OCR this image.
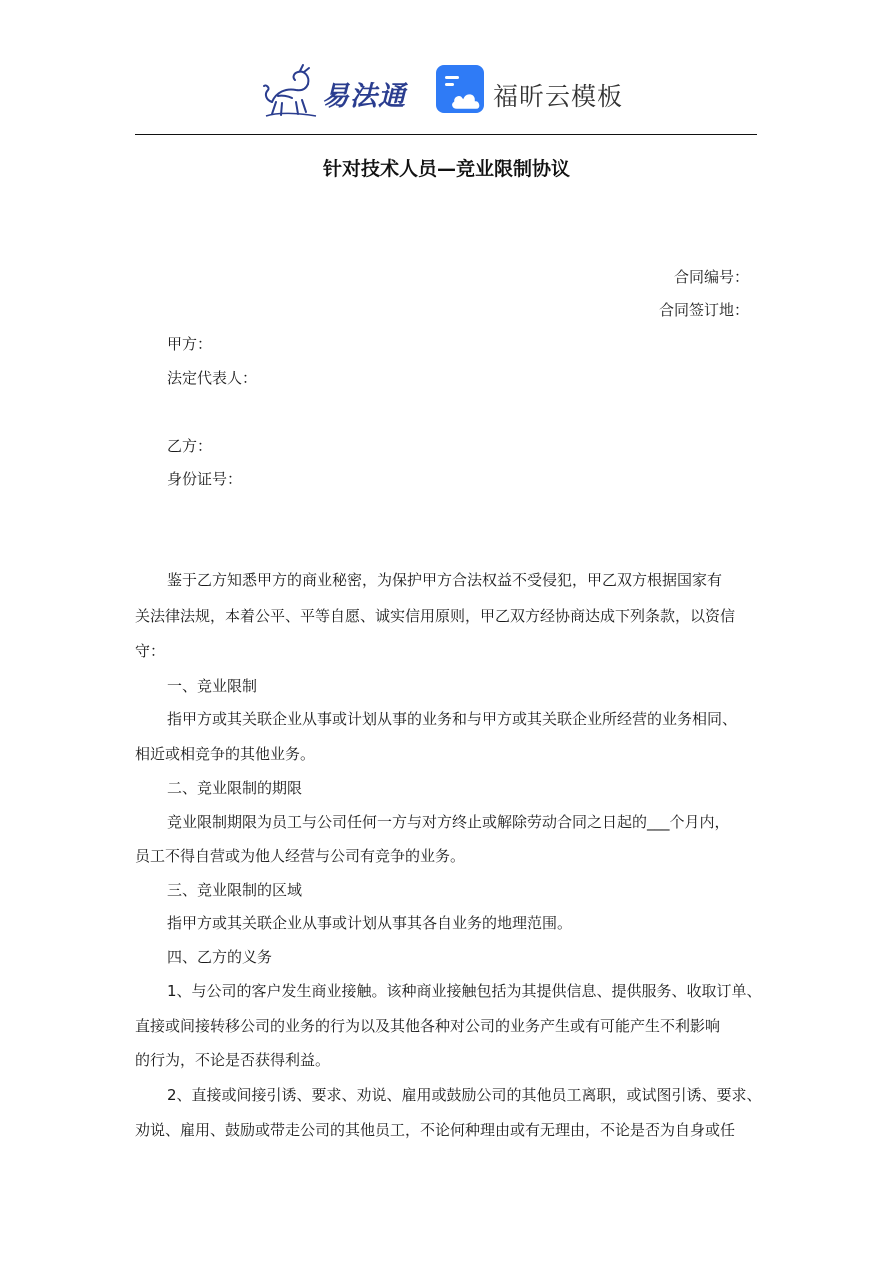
易法通	福昕云模板
针对技术人员—竞业限制协议
合同编号：
合同签订地：
甲方：
法定代表人：
乙方：
身份证号：
鉴于乙方知悉甲方的商业秘密，为保护甲方合法权益不受侵犯，甲乙双方根据国家有
关法律法规，本着公平、平等自愿、诚实信用原则，甲乙双方经协商达成下列条款，以资信
守：
一、竞业限制
指甲方或其关联企业从事或计划从事的业务和与甲方或其关联企业所经营的业务相同、
相近或相竞争的其他业务。
二、竞业限制的期限
竞业限制期限为员工与公司任何一方与对方终止或解除劳动合同之日起的___个月内，
员工不得自营或为他人经营与公司有竞争的业务。
三、竞业限制的区域
指甲方或其关联企业从事或计划从事其各自业务的地理范围。
四、乙方的义务
1、与公司的客户发生商业接触。该种商业接触包括为其提供信息、提供服务、收取订单、
直接或间接转移公司的业务的行为以及其他各种对公司的业务产生或有可能产生不利影响
的行为，不论是否获得利益。
2、直接或间接引诱、要求、劝说、雇用或鼓励公司的其他员工离职，或试图引诱、要求、
劝说、雇用、鼓励或带走公司的其他员工，不论何种理由或有无理由，不论是否为自身或任
